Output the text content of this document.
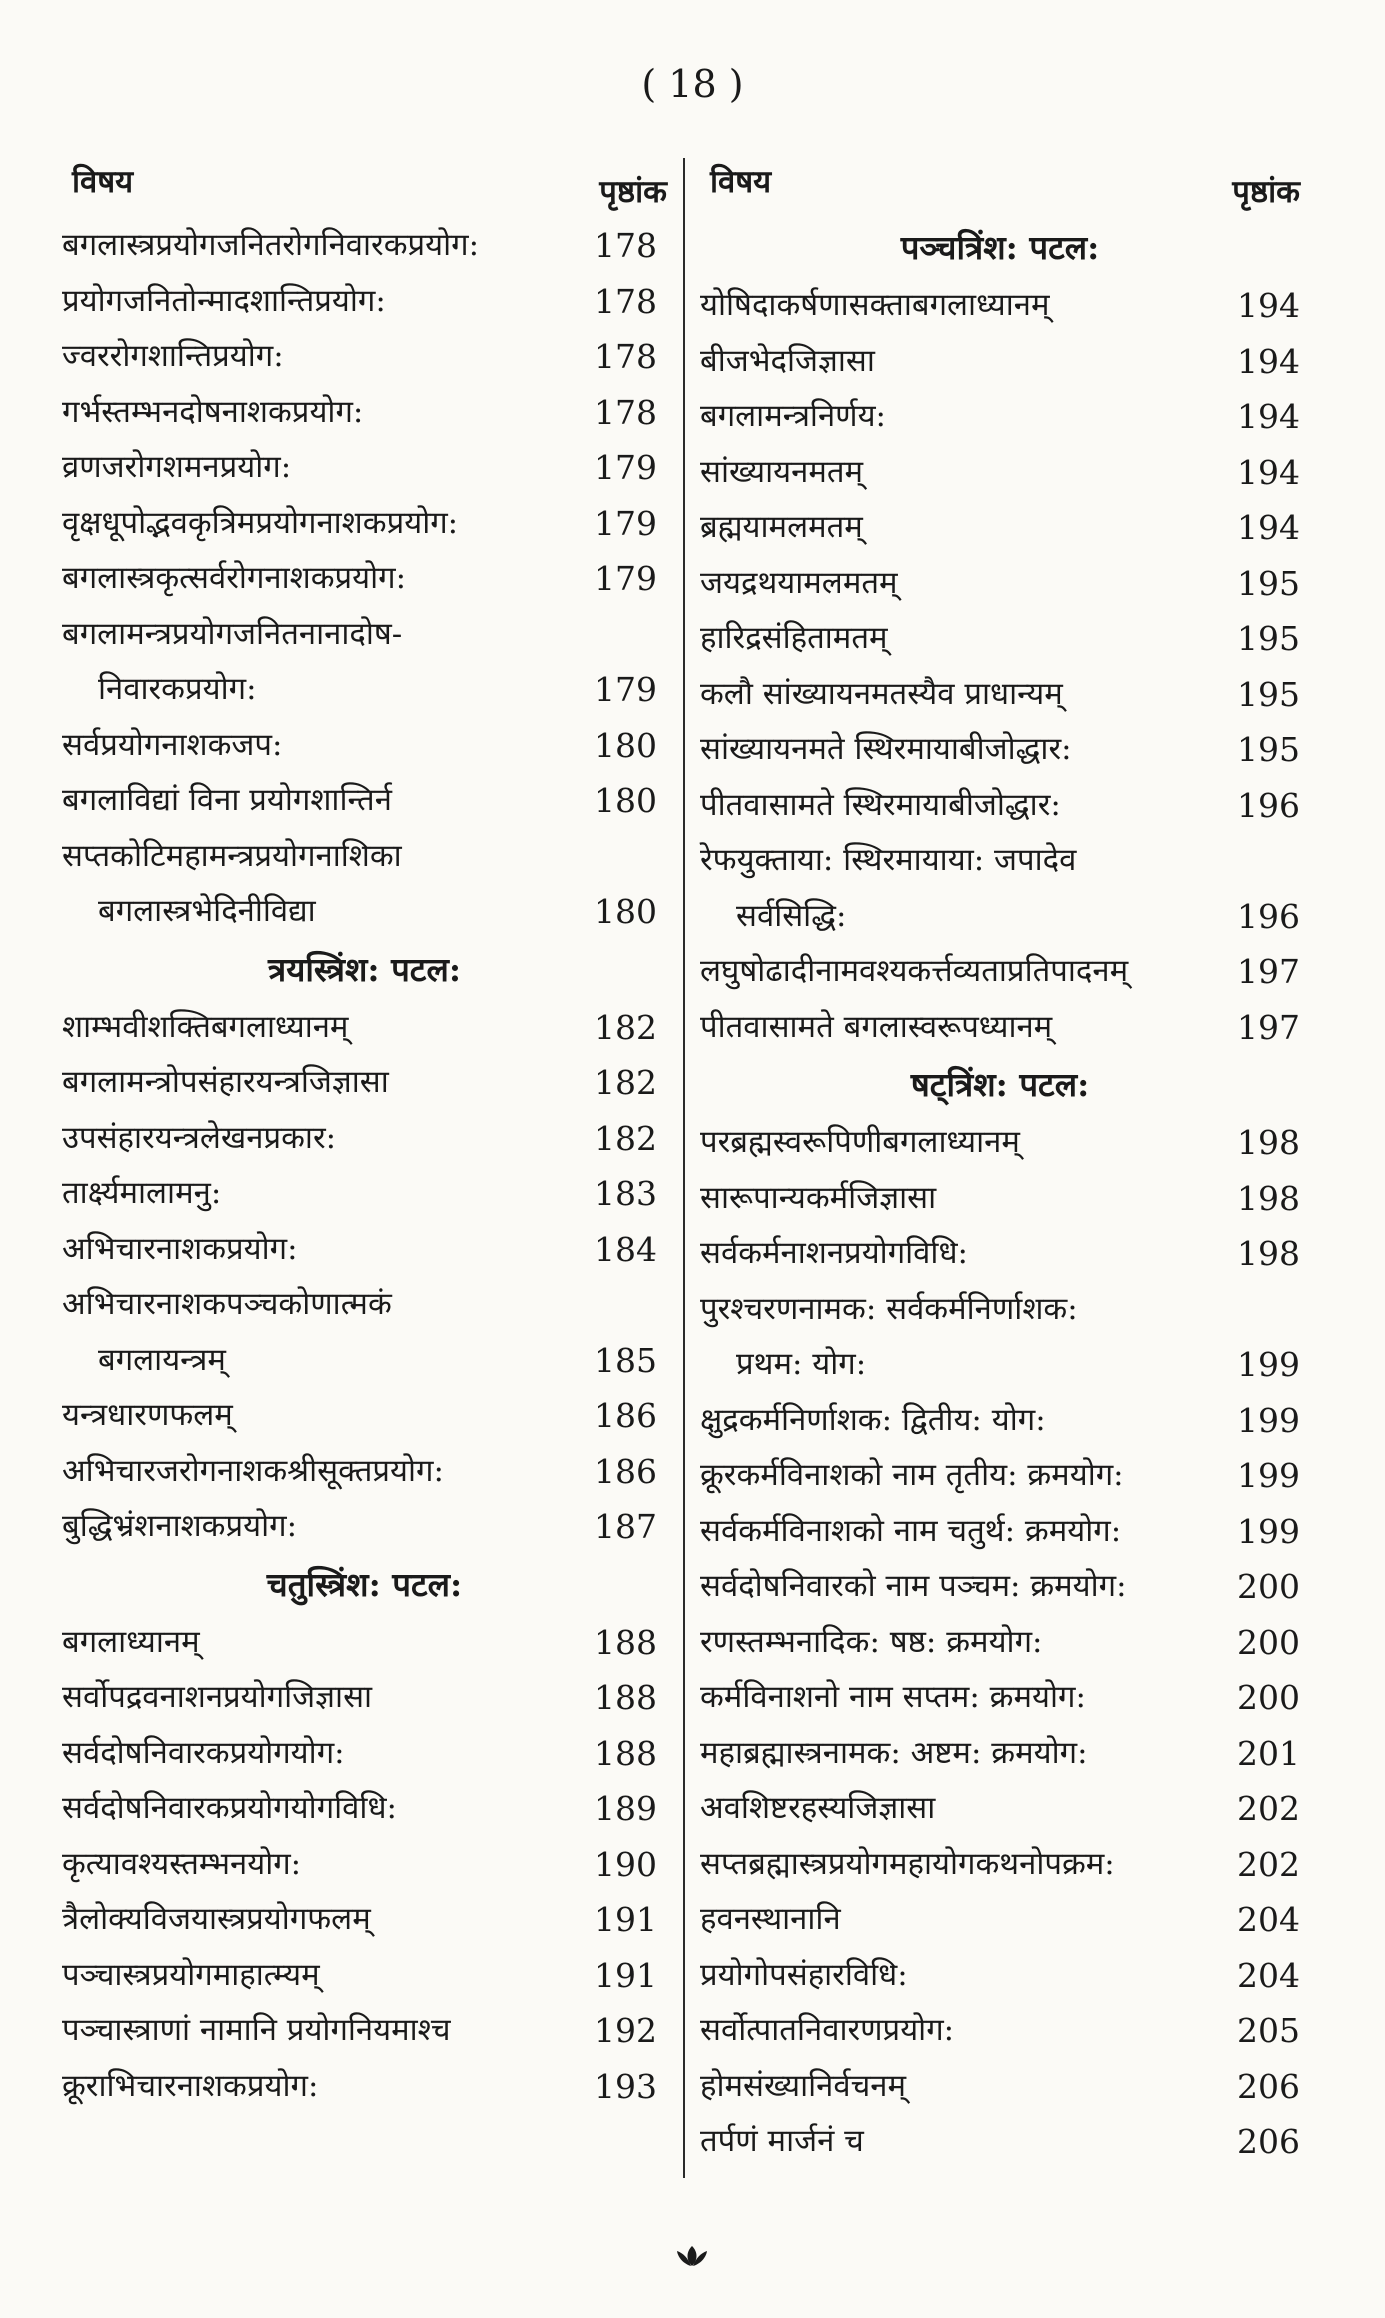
( 18 )
विषय	पृष्ठांक
बगलास्त्रप्रयोगजनितरोगनिवारकप्रयोग:	178
प्रयोगजनितोन्मादशान्तिप्रयोग:	178
ज्वररोगशान्तिप्रयोग:	178
गर्भस्तम्भनदोषनाशकप्रयोग:	178
व्रणजरोगशमनप्रयोग:	179
वृक्षधूपोद्भवकृत्रिमप्रयोगनाशकप्रयोग:	179
बगलास्त्रकृत्सर्वरोगनाशकप्रयोग:	179
बगलामन्त्रप्रयोगजनितनानादोष-
निवारकप्रयोग:	179
सर्वप्रयोगनाशकजप:	180
बगलाविद्यां विना प्रयोगशान्तिर्न	180
सप्तकोटिमहामन्त्रप्रयोगनाशिका
बगलास्त्रभेदिनीविद्या	180
त्रयस्त्रिंश: पटल:
शाम्भवीशक्तिबगलाध्यानम्	182
बगलामन्त्रोपसंहारयन्त्रजिज्ञासा	182
उपसंहारयन्त्रलेखनप्रकार:	182
तार्क्ष्यमालामनु:	183
अभिचारनाशकप्रयोग:	184
अभिचारनाशकपञ्चकोणात्मकं
बगलायन्त्रम्	185
यन्त्रधारणफलम्	186
अभिचारजरोगनाशकश्रीसूक्तप्रयोग:	186
बुद्धिभ्रंशनाशकप्रयोग:	187
चतुस्त्रिंश: पटल:
बगलाध्यानम्	188
सर्वोपद्रवनाशनप्रयोगजिज्ञासा	188
सर्वदोषनिवारकप्रयोगयोग:	188
सर्वदोषनिवारकप्रयोगयोगविधि:	189
कृत्यावश्यस्तम्भनयोग:	190
त्रैलोक्यविजयास्त्रप्रयोगफलम्	191
पञ्चास्त्रप्रयोगमाहात्म्यम्	191
पञ्चास्त्राणां नामानि प्रयोगनियमाश्च	192
क्रूराभिचारनाशकप्रयोग:	193
विषय	पृष्ठांक
पञ्चत्रिंश: पटल:
योषिदाकर्षणासक्ताबगलाध्यानम्	194
बीजभेदजिज्ञासा	194
बगलामन्त्रनिर्णय:	194
सांख्यायनमतम्	194
ब्रह्मयामलमतम्	194
जयद्रथयामलमतम्	195
हारिद्रसंहितामतम्	195
कलौ सांख्यायनमतस्यैव प्राधान्यम्	195
सांख्यायनमते स्थिरमायाबीजोद्धार:	195
पीतवासामते स्थिरमायाबीजोद्धार:	196
रेफयुक्ताया: स्थिरमायाया: जपादेव
सर्वसिद्धि:	196
लघुषोढादीनामवश्यकर्त्तव्यताप्रतिपादनम्	197
पीतवासामते बगलास्वरूपध्यानम्	197
षट्त्रिंश: पटल:
परब्रह्मस्वरूपिणीबगलाध्यानम्	198
सारूपान्यकर्मजिज्ञासा	198
सर्वकर्मनाशनप्रयोगविधि:	198
पुरश्चरणनामक: सर्वकर्मनिर्णाशक:
प्रथम: योग:	199
क्षुद्रकर्मनिर्णाशक: द्वितीय: योग:	199
क्रूरकर्मविनाशको नाम तृतीय: क्रमयोग:	199
सर्वकर्मविनाशको नाम चतुर्थ: क्रमयोग:	199
सर्वदोषनिवारको नाम पञ्चम: क्रमयोग:	200
रणस्तम्भनादिक: षष्ठ: क्रमयोग:	200
कर्मविनाशनो नाम सप्तम: क्रमयोग:	200
महाब्रह्मास्त्रनामक: अष्टम: क्रमयोग:	201
अवशिष्टरहस्यजिज्ञासा	202
सप्तब्रह्मास्त्रप्रयोगमहायोगकथनोपक्रम:	202
हवनस्थानानि	204
प्रयोगोपसंहारविधि:	204
सर्वोत्पातनिवारणप्रयोग:	205
होमसंख्यानिर्वचनम्	206
तर्पणं मार्जनं च	206
